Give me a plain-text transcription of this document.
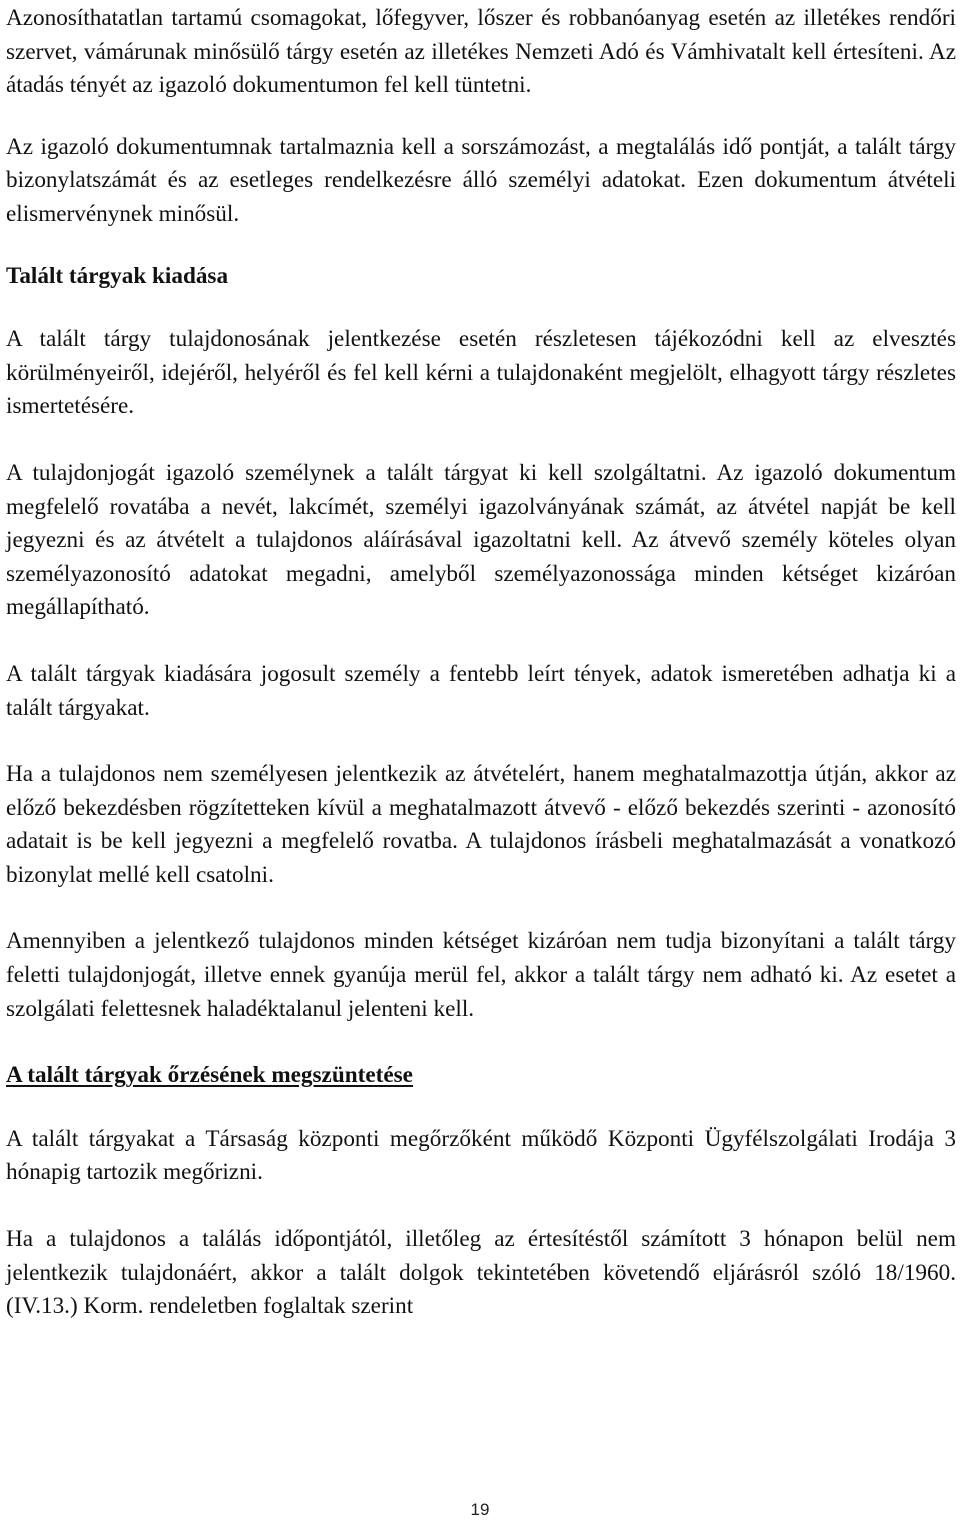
Azonosíthatatlan tartamú csomagokat, lőfegyver, lőszer és robbanóanyag esetén az illetékes rendőri szervet, vámárunak minősülő tárgy esetén az illetékes Nemzeti Adó és Vámhivatalt kell értesíteni. Az átadás tényét az igazoló dokumentumon fel kell tüntetni.

Az igazoló dokumentumnak tartalmaznia kell a sorszámozást, a megtalálás idő pontját, a talált tárgy bizonylatszámát és az esetleges rendelkezésre álló személyi adatokat. Ezen dokumentum átvételi elismervénynek minősül.

Talált tárgyak kiadása

A talált tárgy tulajdonosának jelentkezése esetén részletesen tájékozódni kell az elvesztés körülményeiről, idejéről, helyéről és fel kell kérni a tulajdonaként megjelölt, elhagyott tárgy részletes ismertetésére.

A tulajdonjogát igazoló személynek a talált tárgyat ki kell szolgáltatni. Az igazoló dokumentum megfelelő rovatába a nevét, lakcímét, személyi igazolványának számát, az átvétel napját be kell jegyezni és az átvételt a tulajdonos aláírásával igazoltatni kell. Az átvevő személy köteles olyan személyazonosító adatokat megadni, amelyből személyazonossága minden kétséget kizáróan megállapítható.

A talált tárgyak kiadására jogosult személy a fentebb leírt tények, adatok ismeretében adhatja ki a talált tárgyakat.

Ha a tulajdonos nem személyesen jelentkezik az átvételért, hanem meghatalmazottja útján, akkor az előző bekezdésben rögzítetteken kívül a meghatalmazott átvevő - előző bekezdés szerinti - azonosító adatait is be kell jegyezni a megfelelő rovatba. A tulajdonos írásbeli meghatalmazását a vonatkozó bizonylat mellé kell csatolni.

Amennyiben a jelentkező tulajdonos minden kétséget kizáróan nem tudja bizonyítani a talált tárgy feletti tulajdonjogát, illetve ennek gyanúja merül fel, akkor a talált tárgy nem adható ki. Az esetet a szolgálati felettesnek haladéktalanul jelenteni kell.

A talált tárgyak őrzésének megszüntetése

A talált tárgyakat a Társaság központi megőrzőként működő Központi Ügyfélszolgálati Irodája 3 hónapig tartozik megőrizni.

Ha a tulajdonos a találás időpontjától, illetőleg az értesítéstől számított 3 hónapon belül nem jelentkezik tulajdonáért, akkor a talált dolgok tekintetében követendő eljárásról szóló 18/1960. (IV.13.) Korm. rendeletben foglaltak szerint

19
